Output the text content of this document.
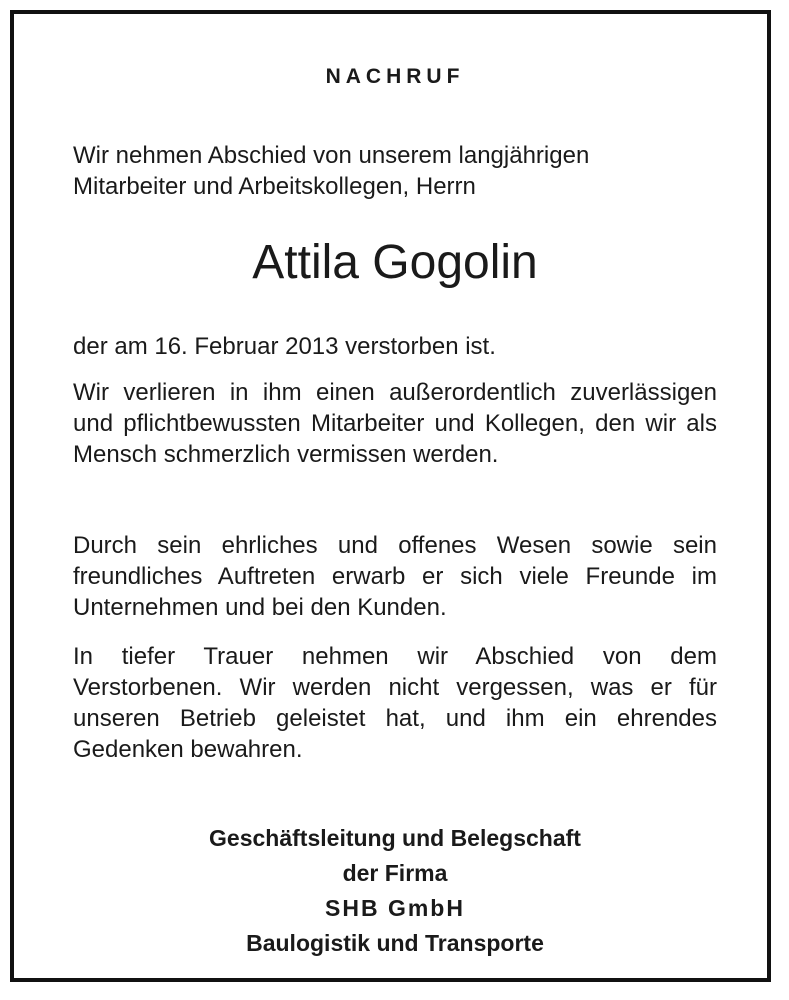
NACHRUF

Wir nehmen Abschied von unserem langjährigen
Mitarbeiter und Arbeitskollegen, Herrn

Attila Gogolin

der am 16. Februar 2013 verstorben ist.

Wir verlieren in ihm einen außerordentlich zuverlässigen und pflichtbewussten Mitarbeiter und Kollegen, den wir als Mensch schmerzlich vermissen werden.

Durch sein ehrliches und offenes Wesen sowie sein freundliches Auftreten erwarb er sich viele Freunde im Unternehmen und bei den Kunden.

In tiefer Trauer nehmen wir Abschied von dem Verstorbenen. Wir werden nicht vergessen, was er für unseren Betrieb geleistet hat, und ihm ein ehrendes Gedenken bewahren.

Geschäftsleitung und Belegschaft
der Firma
SHB GmbH
Baulogistik und Transporte
